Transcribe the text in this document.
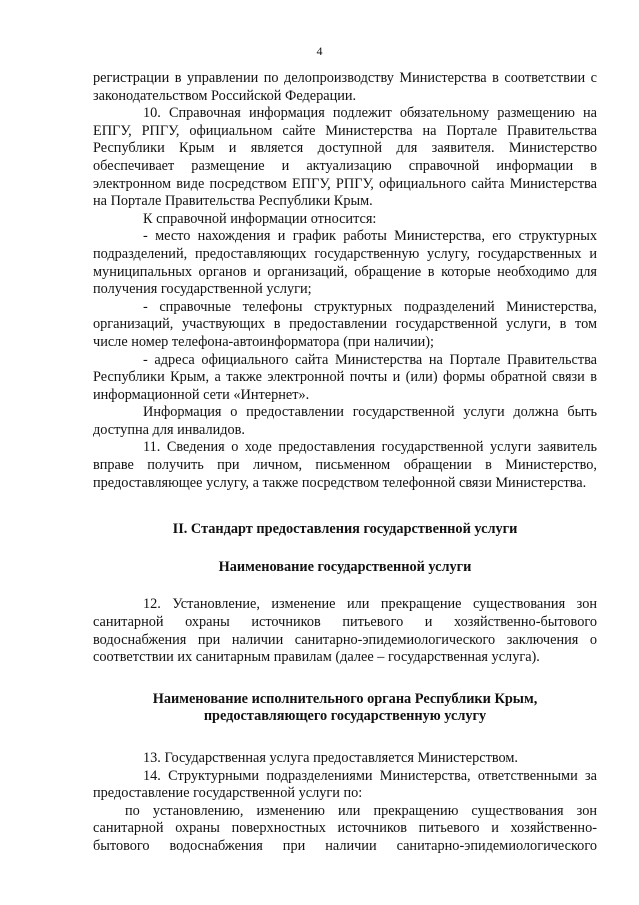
4

регистрации в управлении по делопроизводству Министерства в соответствии с законодательством Российской Федерации.

10. Справочная информация подлежит обязательному размещению на ЕПГУ, РПГУ, официальном сайте Министерства на Портале Правительства Республики Крым и является доступной для заявителя. Министерство обеспечивает размещение и актуализацию справочной информации в электронном виде посредством ЕПГУ, РПГУ, официального сайта Министерства на Портале Правительства Республики Крым.

К справочной информации относится:

- место нахождения и график работы Министерства, его структурных подразделений, предоставляющих государственную услугу, государственных и муниципальных органов и организаций, обращение в которые необходимо для получения государственной услуги;

- справочные телефоны структурных подразделений Министерства, организаций, участвующих в предоставлении государственной услуги, в том числе номер телефона-автоинформатора (при наличии);

- адреса официального сайта Министерства на Портале Правительства Республики Крым, а также электронной почты и (или) формы обратной связи в информационной сети «Интернет».

Информация о предоставлении государственной услуги должна быть доступна для инвалидов.

11. Сведения о ходе предоставления государственной услуги заявитель вправе получить при личном, письменном обращении в Министерство, предоставляющее услугу, а также посредством телефонной связи Министерства.

II. Стандарт предоставления государственной услуги
Наименование государственной услуги

12. Установление, изменение или прекращение существования зон санитарной охраны источников питьевого и хозяйственно-бытового водоснабжения при наличии санитарно-эпидемиологического заключения о соответствии их санитарным правилам (далее – государственная услуга).

Наименование исполнительного органа Республики Крым,
предоставляющего государственную услугу

13. Государственная услуга предоставляется Министерством.

14. Структурными подразделениями Министерства, ответственными за предоставление государственной услуги по:

по установлению, изменению или прекращению существования зон санитарной охраны поверхностных источников питьевого и хозяйственно-бытового водоснабжения при наличии санитарно-эпидемиологического
